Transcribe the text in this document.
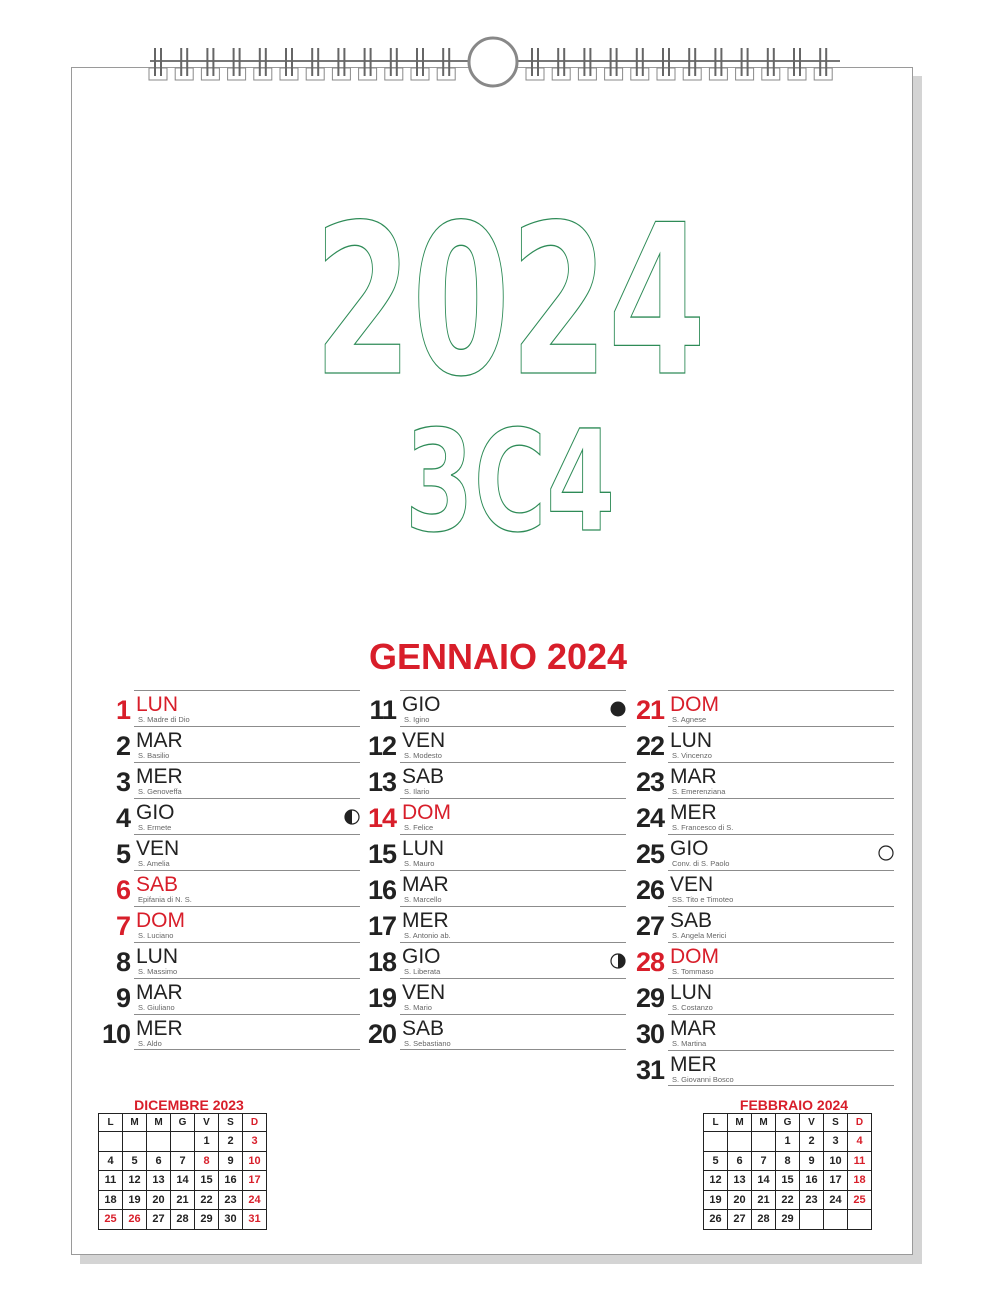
2024
3C4
GENNAIO 2024
1 LUN
S. Madre di Dio
2 MAR
S. Basilio
3 MER
S. Genoveffa
4 GIO
S. Ermete
5 VEN
S. Amelia
6 SAB
Epifania di N. S.
7 DOM
S. Luciano
8 LUN
S. Massimo
9 MAR
S. Giuliano
10 MER
S. Aldo
11 GIO
S. Igino
12 VEN
S. Modesto
13 SAB
S. Ilario
14 DOM
S. Felice
15 LUN
S. Mauro
16 MAR
S. Marcello
17 MER
S. Antonio ab.
18 GIO
S. Liberata
19 VEN
S. Mario
20 SAB
S. Sebastiano
21 DOM
S. Agnese
22 LUN
S. Vincenzo
23 MAR
S. Emerenziana
24 MER
S. Francesco di S.
25 GIO
Conv. di S. Paolo
26 VEN
SS. Tito e Timoteo
27 SAB
S. Angela Merici
28 DOM
S. Tommaso
29 LUN
S. Costanzo
30 MAR
S. Martina
31 MER
S. Giovanni Bosco
DICEMBRE 2023
L	M	M	G	V	S	D
				1	2	3
4	5	6	7	8	9	10
11	12	13	14	15	16	17
18	19	20	21	22	23	24
25	26	27	28	29	30	31
FEBBRAIO 2024
L	M	M	G	V	S	D
			1	2	3	4
5	6	7	8	9	10	11
12	13	14	15	16	17	18
19	20	21	22	23	24	25
26	27	28	29			
